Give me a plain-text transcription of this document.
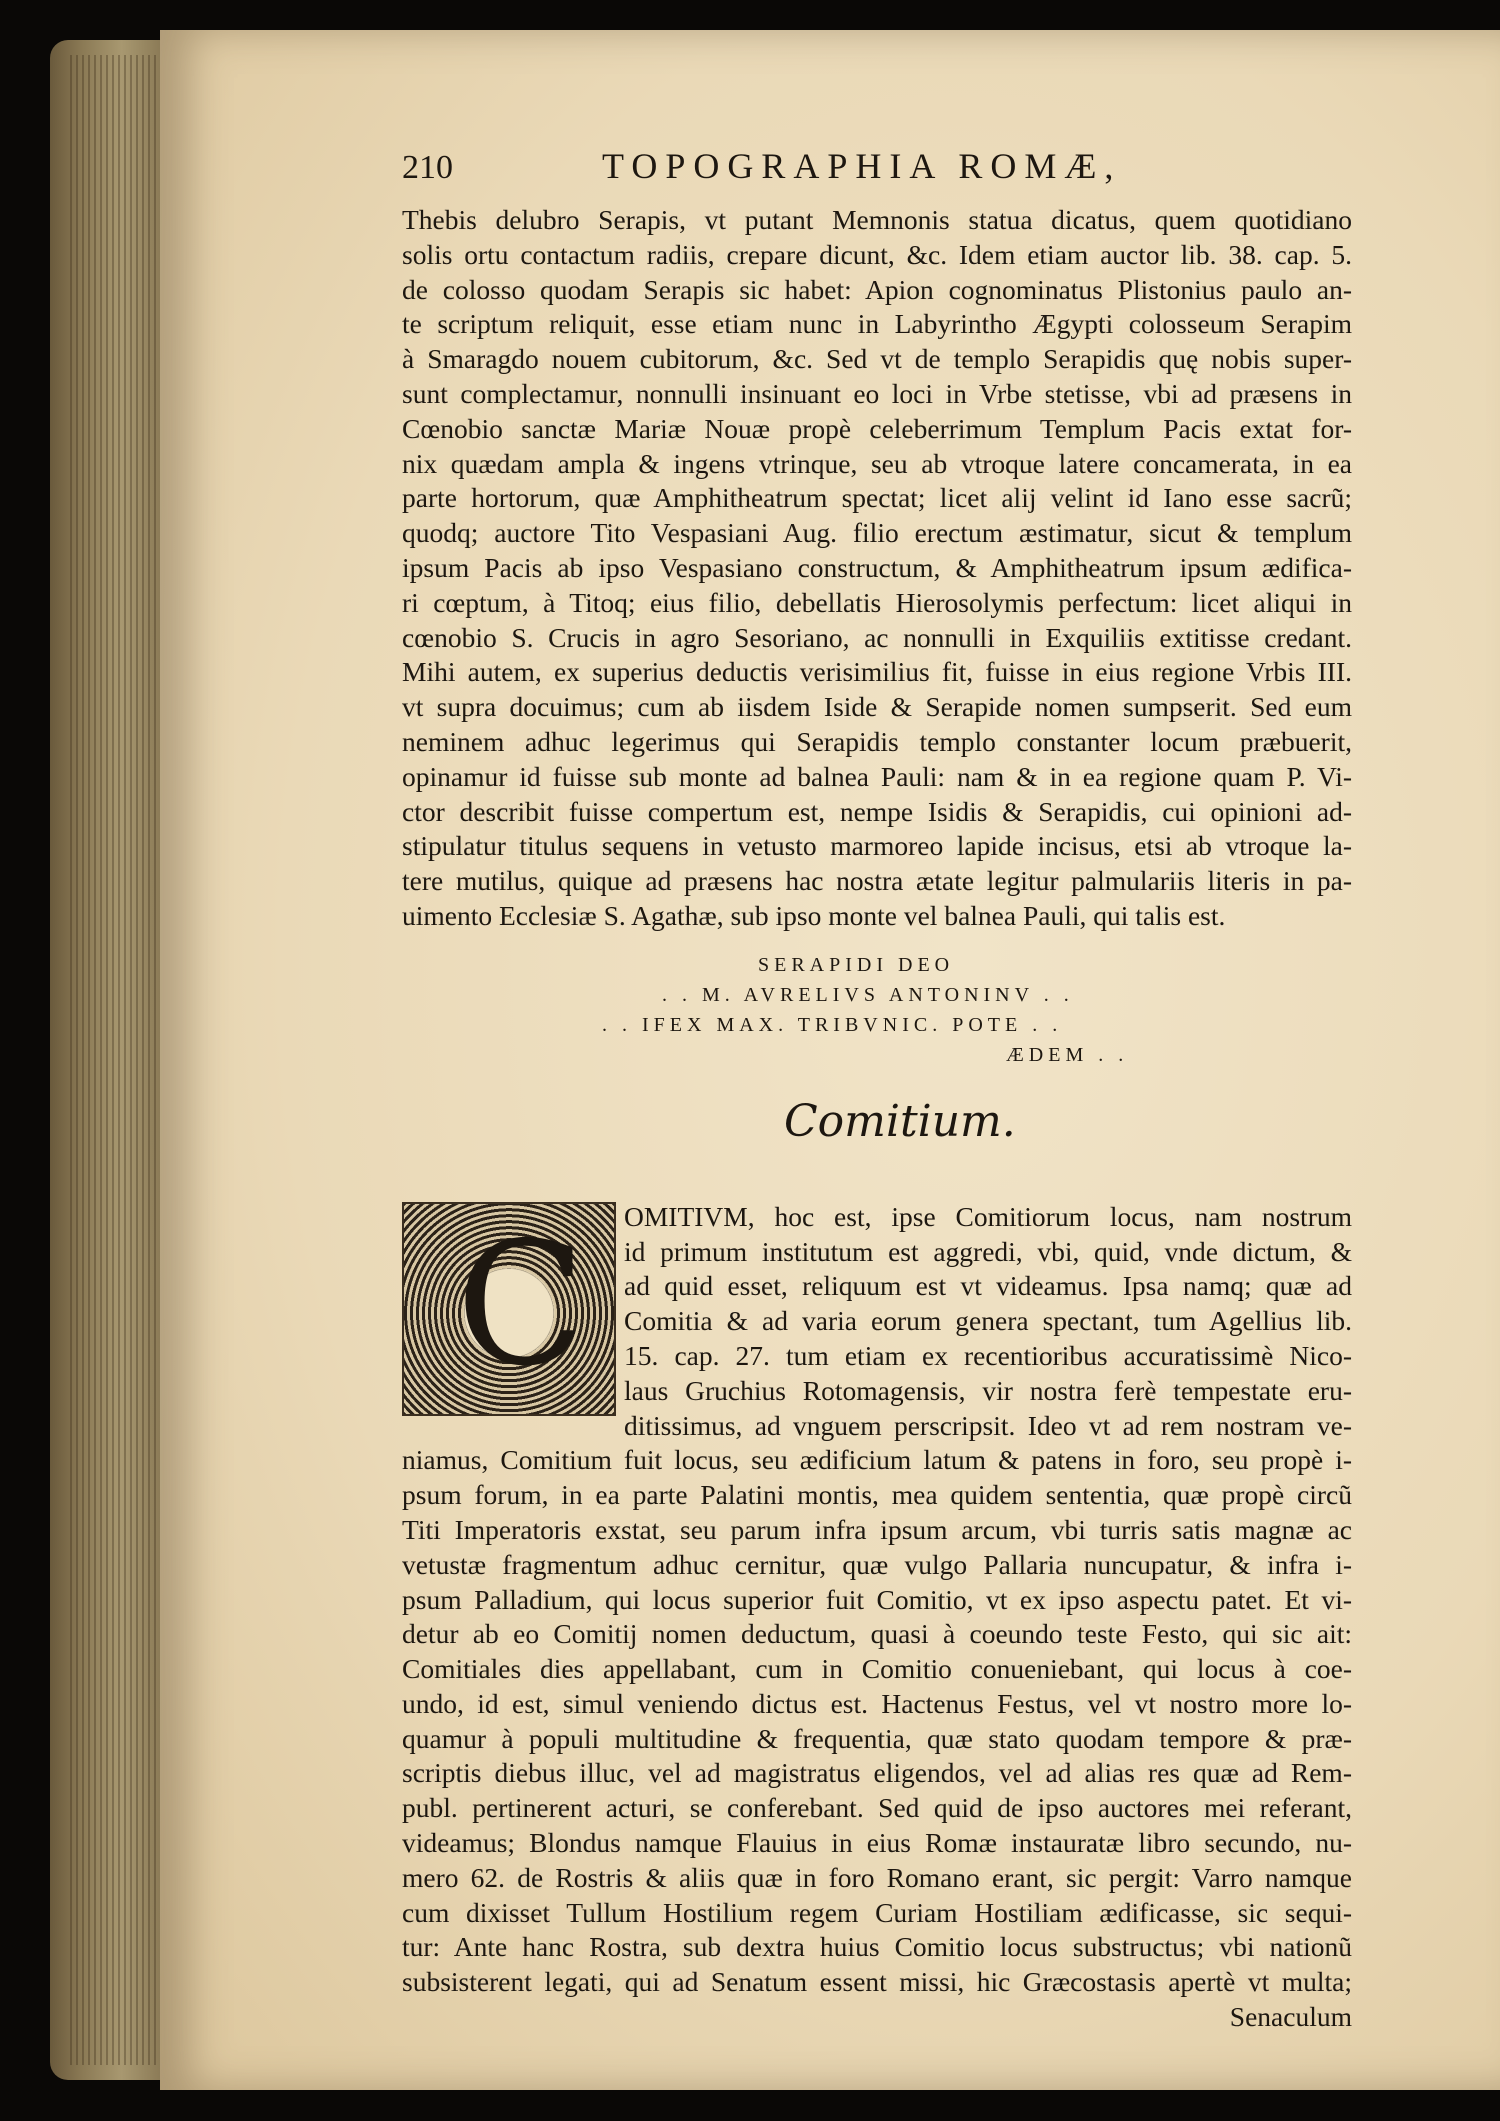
210	TOPOGRAPHIA ROMÆ,
Thebis delubro Serapis, vt putant Memnonis statua dicatus, quem quotidiano
solis ortu contactum radiis, crepare dicunt, &c. Idem etiam auctor lib. 38. cap. 5.
de colosso quodam Serapis sic habet: Apion cognominatus Plistonius paulo an-
te scriptum reliquit, esse etiam nunc in Labyrintho Ægypti colosseum Serapim
à Smaragdo nouem cubitorum, &c. Sed vt de templo Serapidis quę nobis super-
sunt complectamur, nonnulli insinuant eo loci in Vrbe stetisse, vbi ad præsens in
Cœnobio sanctæ Mariæ Nouæ propè celeberrimum Templum Pacis extat for-
nix quædam ampla & ingens vtrinque, seu ab vtroque latere concamerata, in ea
parte hortorum, quæ Amphitheatrum spectat; licet alij velint id Iano esse sacrũ;
quodq; auctore Tito Vespasiani Aug. filio erectum æstimatur, sicut & templum
ipsum Pacis ab ipso Vespasiano constructum, & Amphitheatrum ipsum ædifica-
ri cœptum, à Titoq; eius filio, debellatis Hierosolymis perfectum: licet aliqui in
cœnobio S. Crucis in agro Sesoriano, ac nonnulli in Exquiliis extitisse credant.
Mihi autem, ex superius deductis verisimilius fit, fuisse in eius regione Vrbis III.
vt supra docuimus; cum ab iisdem Iside & Serapide nomen sumpserit. Sed eum
neminem adhuc legerimus qui Serapidis templo constanter locum præbuerit,
opinamur id fuisse sub monte ad balnea Pauli: nam & in ea regione quam P. Vi-
ctor describit fuisse compertum est, nempe Isidis & Serapidis, cui opinioni ad-
stipulatur titulus sequens in vetusto marmoreo lapide incisus, etsi ab vtroque la-
tere mutilus, quique ad præsens hac nostra ætate legitur palmulariis literis in pa-
uimento Ecclesiæ S. Agathæ, sub ipso monte vel balnea Pauli, qui talis est.
SERAPIDI DEO
. . M. AVRELIVS ANTONINV . .
. . IFEX MAX. TRIBVNIC. POTE . .
ÆDEM . .
Comitium.
C	OMITIVM, hoc est, ipse Comitiorum locus, nam nostrum
id primum institutum est aggredi, vbi, quid, vnde dictum, &
ad quid esset, reliquum est vt videamus. Ipsa namq; quæ ad
Comitia & ad varia eorum genera spectant, tum Agellius lib.
15. cap. 27. tum etiam ex recentioribus accuratissimè Nico-
laus Gruchius Rotomagensis, vir nostra ferè tempestate eru-
ditissimus, ad vnguem perscripsit. Ideo vt ad rem nostram ve-
niamus, Comitium fuit locus, seu ædificium latum & patens in foro, seu propè i-
psum forum, in ea parte Palatini montis, mea quidem sententia, quæ propè circũ
Titi Imperatoris exstat, seu parum infra ipsum arcum, vbi turris satis magnæ ac
vetustæ fragmentum adhuc cernitur, quæ vulgo Pallaria nuncupatur, & infra i-
psum Palladium, qui locus superior fuit Comitio, vt ex ipso aspectu patet. Et vi-
detur ab eo Comitij nomen deductum, quasi à coeundo teste Festo, qui sic ait:
Comitiales dies appellabant, cum in Comitio conueniebant, qui locus à coe-
undo, id est, simul veniendo dictus est. Hactenus Festus, vel vt nostro more lo-
quamur à populi multitudine & frequentia, quæ stato quodam tempore & præ-
scriptis diebus illuc, vel ad magistratus eligendos, vel ad alias res quæ ad Rem-
publ. pertinerent acturi, se conferebant. Sed quid de ipso auctores mei referant,
videamus; Blondus namque Flauius in eius Romæ instauratæ libro secundo, nu-
mero 62. de Rostris & aliis quæ in foro Romano erant, sic pergit: Varro namque
cum dixisset Tullum Hostilium regem Curiam Hostiliam ædificasse, sic sequi-
tur: Ante hanc Rostra, sub dextra huius Comitio locus substructus; vbi nationũ
subsisterent legati, qui ad Senatum essent missi, hic Græcostasis apertè vt multa;
Senaculum
